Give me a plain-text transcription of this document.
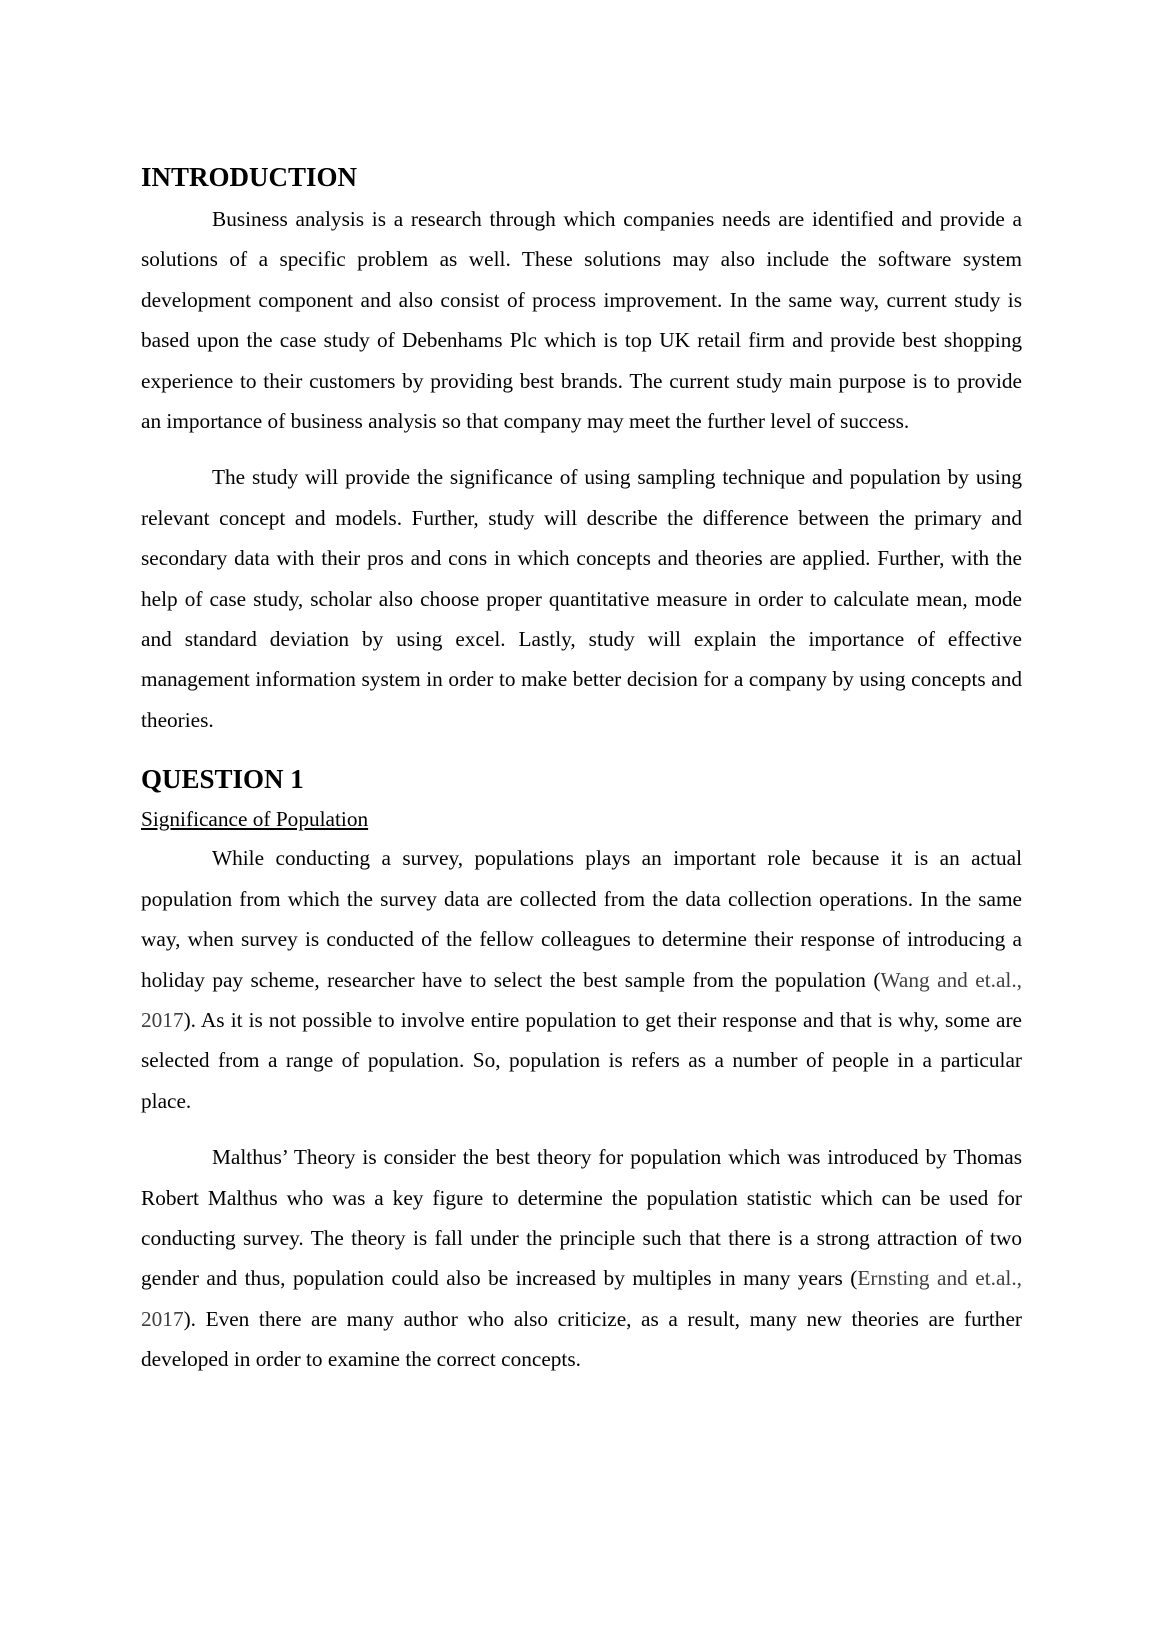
INTRODUCTION

Business analysis is a research through which companies needs are identified and provide a solutions of a specific problem as well. These solutions may also include the software system development component and also consist of process improvement. In the same way, current study is based upon the case study of Debenhams Plc which is top UK retail firm and provide best shopping experience to their customers by providing best brands. The current study main purpose is to provide an importance of business analysis so that company may meet the further level of success.

The study will provide the significance of using sampling technique and population by using relevant concept and models. Further, study will describe the difference between the primary and secondary data with their pros and cons in which concepts and theories are applied. Further, with the help of case study, scholar also choose proper quantitative measure in order to calculate mean, mode and standard deviation by using excel. Lastly, study will explain the importance of effective management information system in order to make better decision for a company by using concepts and theories.

QUESTION 1
Significance of Population

While conducting a survey, populations plays an important role because it is an actual population from which the survey data are collected from the data collection operations. In the same way, when survey is conducted of the fellow colleagues to determine their response of introducing a holiday pay scheme, researcher have to select the best sample from the population (Wang and et.al., 2017). As it is not possible to involve entire population to get their response and that is why, some are selected from a range of population. So, population is refers as a number of people in a particular place.

Malthus’ Theory is consider the best theory for population which was introduced by Thomas Robert Malthus who was a key figure to determine the population statistic which can be used for conducting survey. The theory is fall under the principle such that there is a strong attraction of two gender and thus, population could also be increased by multiples in many years (Ernsting and et.al., 2017). Even there are many author who also criticize, as a result, many new theories are further developed in order to examine the correct concepts.
